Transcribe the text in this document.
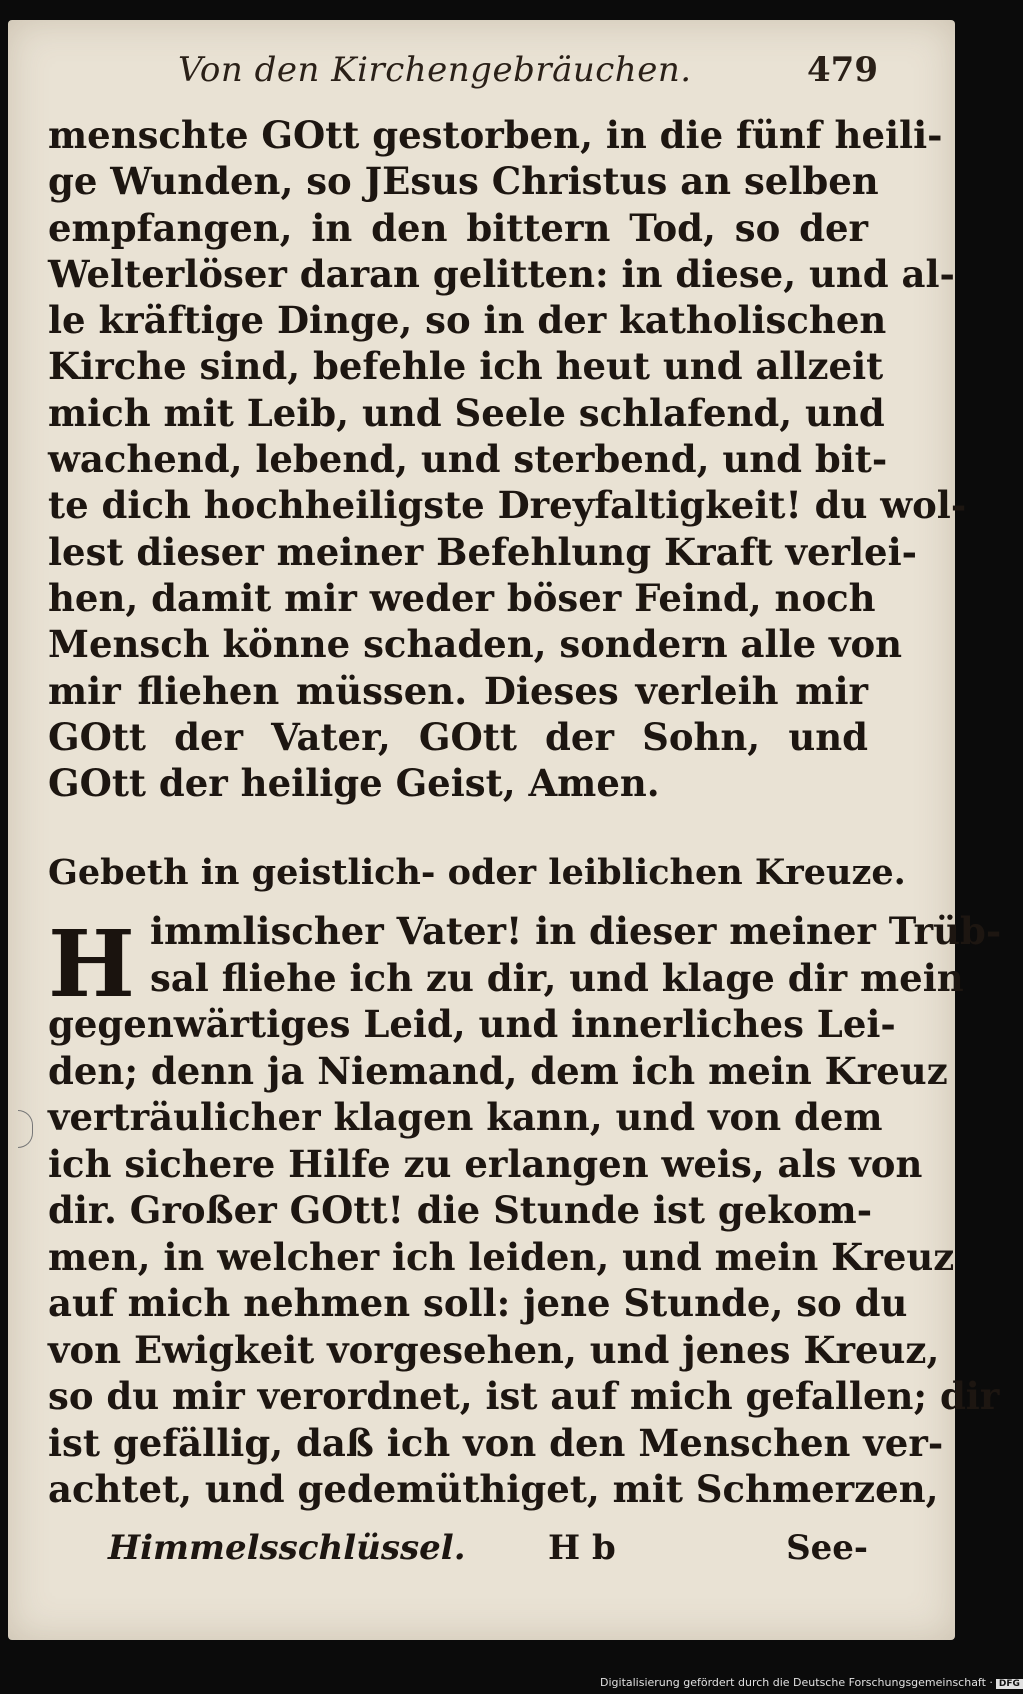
Von den Kirchengebräuchen.	479
menschte GOtt gestorben, in die fünf heili-
ge Wunden, so JEsus Christus an selben
empfangen, in den bittern Tod, so der
Welterlöser daran gelitten: in diese, und al-
le kräftige Dinge, so in der katholischen
Kirche sind, befehle ich heut und allzeit
mich mit Leib, und Seele schlafend, und
wachend, lebend, und sterbend, und bit-
te dich hochheiligste Dreyfaltigkeit! du wol-
lest dieser meiner Befehlung Kraft verlei-
hen, damit mir weder böser Feind, noch
Mensch könne schaden, sondern alle von
mir fliehen müssen. Dieses verleih mir
GOtt der Vater, GOtt der Sohn, und
GOtt der heilige Geist, Amen.
Gebeth in geistlich- oder leiblichen Kreuze.
H immlischer Vater! in dieser meiner Trüb-
sal fliehe ich zu dir, und klage dir mein
gegenwärtiges Leid, und innerliches Lei-
den; denn ja Niemand, dem ich mein Kreuz
verträulicher klagen kann, und von dem
ich sichere Hilfe zu erlangen weis, als von
dir. Großer GOtt! die Stunde ist gekom-
men, in welcher ich leiden, und mein Kreuz
auf mich nehmen soll: jene Stunde, so du
von Ewigkeit vorgesehen, und jenes Kreuz,
so du mir verordnet, ist auf mich gefallen; dir
ist gefällig, daß ich von den Menschen ver-
achtet, und gedemüthiget, mit Schmerzen,
Himmelsschlüssel. H b	See-
Digitalisierung gefördert durch die Deutsche Forschungsgemeinschaft · DFG
